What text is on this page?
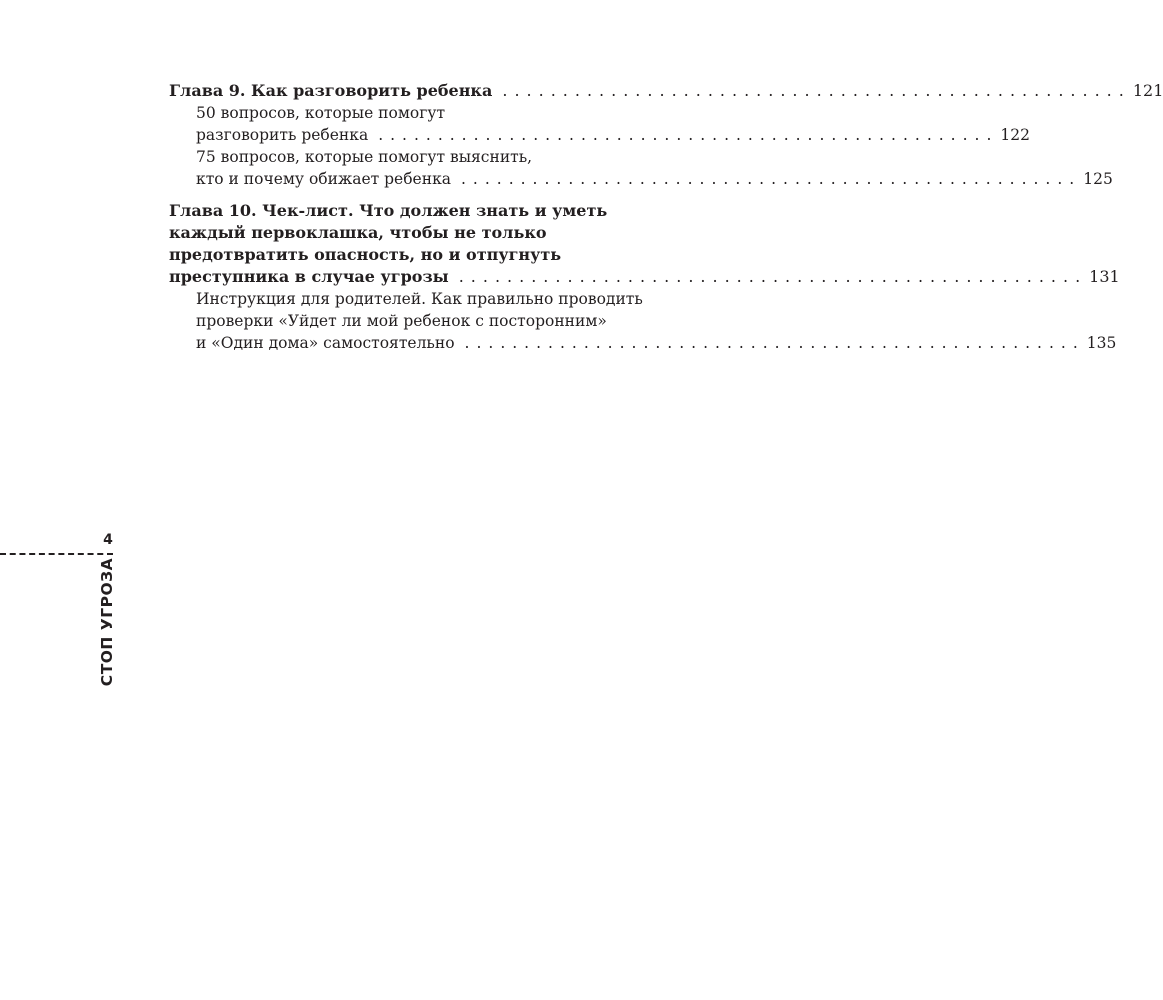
Глава 9. Как разговорить ребенка .................................................... 121
50 вопросов, которые помогут
разговорить ребенка .................................................... 122
75 вопросов, которые помогут выяснить,
кто и почему обижает ребенка .................................................... 125
Глава 10. Чек-лист. Что должен знать и уметь
каждый первоклашка, чтобы не только
предотвратить опасность, но и отпугнуть
преступника в случае угрозы .................................................... 131
Инструкция для родителей. Как правильно проводить
проверки «Уйдет ли мой ребенок с посторонним»
и «Один дома» самостоятельно .................................................... 135
4
СТОП УГРОЗА
